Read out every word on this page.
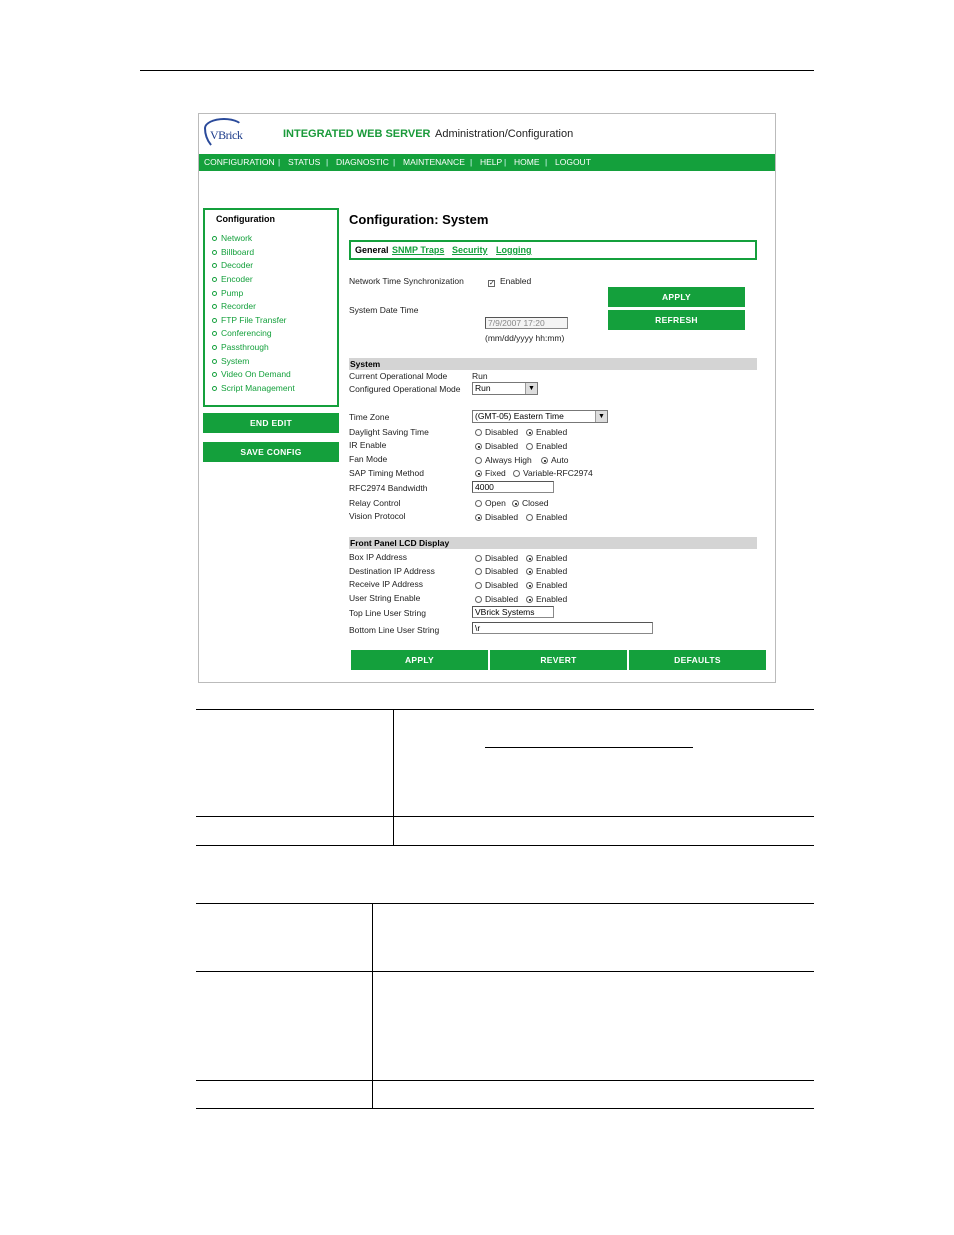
VBrick	INTEGRATED WEB SERVER Administration/Configuration
CONFIGURATION | STATUS | DIAGNOSTIC | MAINTENANCE | HELP | HOME | LOGOUT
Configuration
Network
Billboard
Decoder
Encoder
Pump
Recorder
FTP File Transfer
Conferencing
Passthrough
System
Video On Demand
Script Management
END EDIT
SAVE CONFIG
Configuration: System
General SNMP Traps Security Logging
Network Time Synchronization	✓ Enabled
APPLY
REFRESH
System Date Time
7/9/2007 17:20
(mm/dd/yyyy hh:mm)
System
Current Operational Mode	Run
Configured Operational Mode	Run	▼
Time Zone	(GMT-05) Eastern Time	▼
Daylight Saving Time	Disabled	Enabled
IR Enable	Disabled	Enabled
Fan Mode	Always High	Auto
SAP Timing Method	Fixed	Variable-RFC2974
RFC2974 Bandwidth	4000
Relay Control	Open	Closed
Vision Protocol	Disabled	Enabled
Front Panel LCD Display
Box IP Address	Disabled	Enabled
Destination IP Address	Disabled	Enabled
Receive IP Address	Disabled	Enabled
User String Enable	Disabled	Enabled
Top Line User String	VBrick Systems
Bottom Line User String	\r
APPLY	REVERT	DEFAULTS
